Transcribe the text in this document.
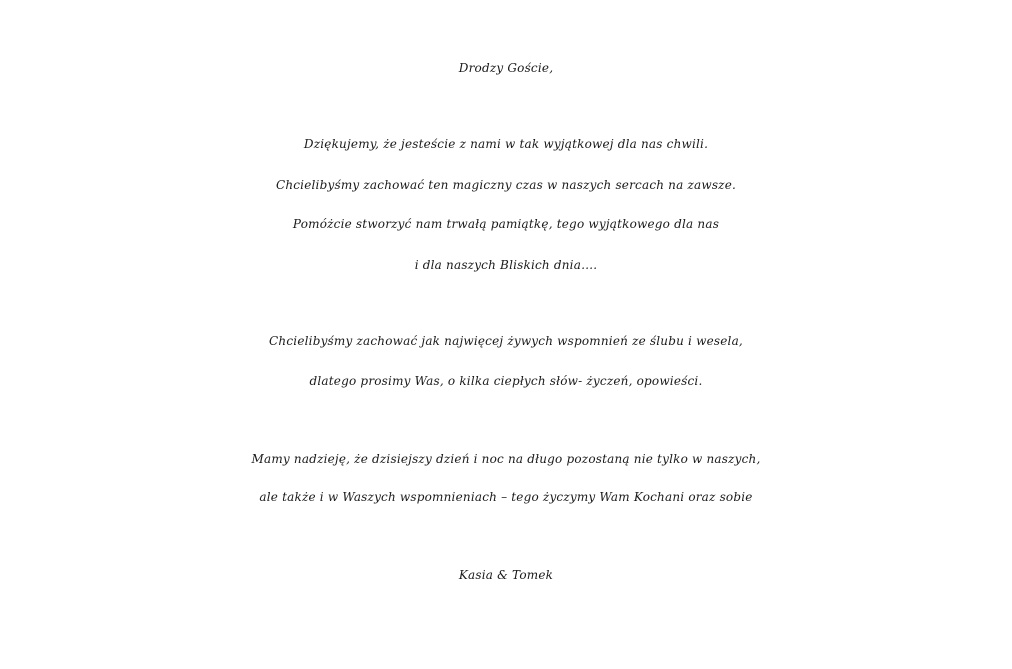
Drodzy Goście,
Dziękujemy, że jesteście z nami w tak wyjątkowej dla nas chwili.
Chcielibyśmy zachować ten magiczny czas w naszych sercach na zawsze.
Pomóżcie stworzyć nam trwałą pamiątkę, tego wyjątkowego dla nas
i dla naszych Bliskich dnia….
Chcielibyśmy zachować jak najwięcej żywych wspomnień ze ślubu i wesela,
dlatego prosimy Was, o kilka ciepłych słów- życzeń, opowieści.
Mamy nadzieję, że dzisiejszy dzień i noc na długo pozostaną nie tylko w naszych,
ale także i w Waszych wspomnieniach – tego życzymy Wam Kochani oraz sobie
Kasia & Tomek
